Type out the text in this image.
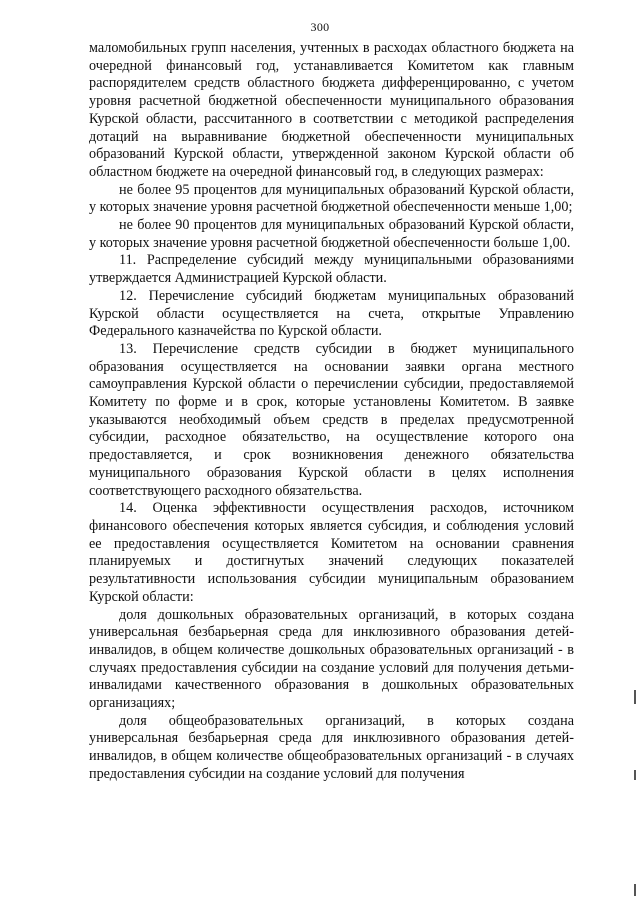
300

маломобильных групп населения, учтенных в расходах областного бюджета на очередной финансовый год, устанавливается Комитетом как главным распорядителем средств областного бюджета дифференцированно, с учетом уровня расчетной бюджетной обеспеченности муниципального образования Курской области, рассчитанного в соответствии с методикой распределения дотаций на выравнивание бюджетной обеспеченности муниципальных образований Курской области, утвержденной законом Курской области об областном бюджете на очередной финансовый год, в следующих размерах:

не более 95 процентов для муниципальных образований Курской области, у которых значение уровня расчетной бюджетной обеспеченности меньше 1,00;

не более 90 процентов для муниципальных образований Курской области, у которых значение уровня расчетной бюджетной обеспеченности больше 1,00.

11. Распределение субсидий между муниципальными образованиями утверждается Администрацией Курской области.

12. Перечисление субсидий бюджетам муниципальных образований Курской области осуществляется на счета, открытые Управлению Федерального казначейства по Курской области.

13. Перечисление средств субсидии в бюджет муниципального образования осуществляется на основании заявки органа местного самоуправления Курской области о перечислении субсидии, предоставляемой Комитету по форме и в срок, которые установлены Комитетом. В заявке указываются необходимый объем средств в пределах предусмотренной субсидии, расходное обязательство, на осуществление которого она предоставляется, и срок возникновения денежного обязательства муниципального образования Курской области в целях исполнения соответствующего расходного обязательства.

14. Оценка эффективности осуществления расходов, источником финансового обеспечения которых является субсидия, и соблюдения условий ее предоставления осуществляется Комитетом на основании сравнения планируемых и достигнутых значений следующих показателей результативности использования субсидии муниципальным образованием Курской области:

доля дошкольных образовательных организаций, в которых создана универсальная безбарьерная среда для инклюзивного образования детей-инвалидов, в общем количестве дошкольных образовательных организаций - в случаях предоставления субсидии на создание условий для получения детьми-инвалидами качественного образования в дошкольных образовательных организациях;

доля общеобразовательных организаций, в которых создана универсальная безбарьерная среда для инклюзивного образования детей-инвалидов, в общем количестве общеобразовательных организаций - в случаях предоставления субсидии на создание условий для получения
